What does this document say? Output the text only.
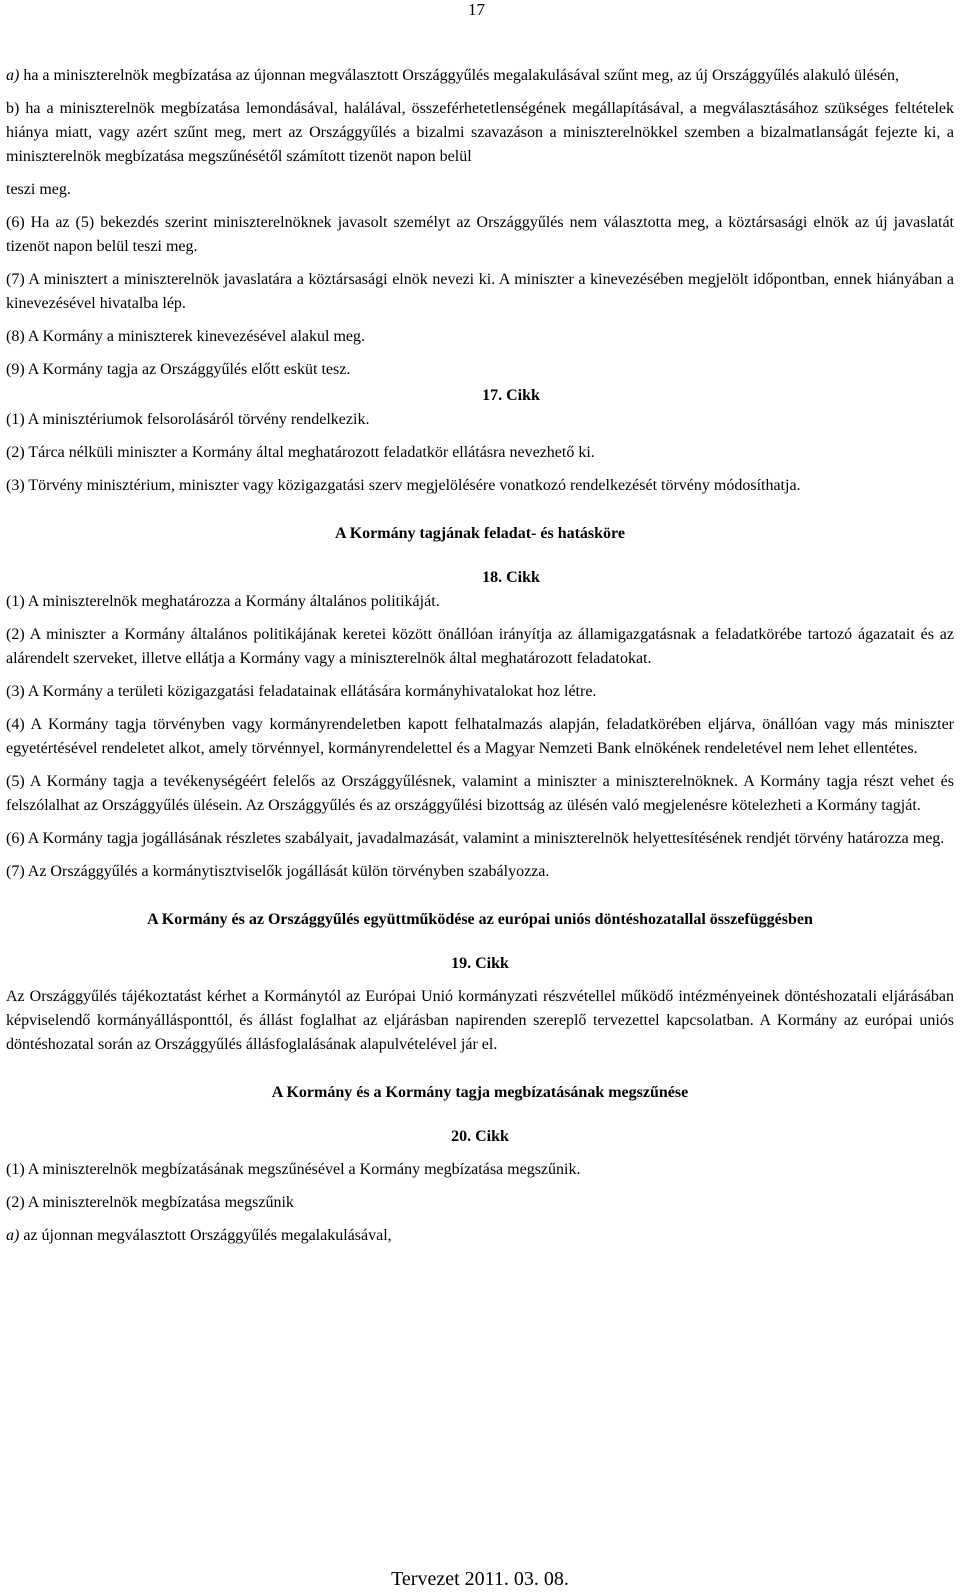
17

a) ha a miniszterelnök megbízatása az újonnan megválasztott Országgyűlés megalakulásával szűnt meg, az új Országgyűlés alakuló ülésén,

b) ha a miniszterelnök megbízatása lemondásával, halálával, összeférhetetlenségének megállapításával, a megválasztásához szükséges feltételek hiánya miatt, vagy azért szűnt meg, mert az Országgyűlés a bizalmi szavazáson a miniszterelnökkel szemben a bizalmatlanságát fejezte ki, a miniszterelnök megbízatása megszűnésétől számított tizenöt napon belül

teszi meg.

(6) Ha az (5) bekezdés szerint miniszterelnöknek javasolt személyt az Országgyűlés nem választotta meg, a köztársasági elnök az új javaslatát tizenöt napon belül teszi meg.

(7) A minisztert a miniszterelnök javaslatára a köztársasági elnök nevezi ki. A miniszter a kinevezésében megjelölt időpontban, ennek hiányában a kinevezésével hivatalba lép.

(8) A Kormány a miniszterek kinevezésével alakul meg.

(9) A Kormány tagja az Országgyűlés előtt esküt tesz.

17. Cikk

(1) A minisztériumok felsorolásáról törvény rendelkezik.

(2) Tárca nélküli miniszter a Kormány által meghatározott feladatkör ellátásra nevezhető ki.

(3) Törvény minisztérium, miniszter vagy közigazgatási szerv megjelölésére vonatkozó rendelkezését törvény módosíthatja.

A Kormány tagjának feladat- és hatásköre

18. Cikk

(1) A miniszterelnök meghatározza a Kormány általános politikáját.

(2) A miniszter a Kormány általános politikájának keretei között önállóan irányítja az államigazgatásnak a feladatkörébe tartozó ágazatait és az alárendelt szerveket, illetve ellátja a Kormány vagy a miniszterelnök által meghatározott feladatokat.

(3) A Kormány a területi közigazgatási feladatainak ellátására kormányhivatalokat hoz létre.

(4) A Kormány tagja törvényben vagy kormányrendeletben kapott felhatalmazás alapján, feladatkörében eljárva, önállóan vagy más miniszter egyetértésével rendeletet alkot, amely törvénnyel, kormányrendelettel és a Magyar Nemzeti Bank elnökének rendeletével nem lehet ellentétes.

(5) A Kormány tagja a tevékenységéért felelős az Országgyűlésnek, valamint a miniszter a miniszterelnöknek. A Kormány tagja részt vehet és felszólalhat az Országgyűlés ülésein. Az Országgyűlés és az országgyűlési bizottság az ülésén való megjelenésre kötelezheti a Kormány tagját.

(6) A Kormány tagja jogállásának részletes szabályait, javadalmazását, valamint a miniszterelnök helyettesítésének rendjét törvény határozza meg.

(7) Az Országgyűlés a kormánytisztviselők jogállását külön törvényben szabályozza.

A Kormány és az Országgyűlés együttműködése az európai uniós döntéshozatallal összefüggésben

19. Cikk

Az Országgyűlés tájékoztatást kérhet a Kormánytól az Európai Unió kormányzati részvétellel működő intézményeinek döntéshozatali eljárásában képviselendő kormányállásponttól, és állást foglalhat az eljárásban napirenden szereplő tervezettel kapcsolatban. A Kormány az európai uniós döntéshozatal során az Országgyűlés állásfoglalásának alapulvételével jár el.

A Kormány és a Kormány tagja megbízatásának megszűnése

20. Cikk

(1) A miniszterelnök megbízatásának megszűnésével a Kormány megbízatása megszűnik.

(2) A miniszterelnök megbízatása megszűnik

a) az újonnan megválasztott Országgyűlés megalakulásával,

Tervezet 2011. 03. 08.
